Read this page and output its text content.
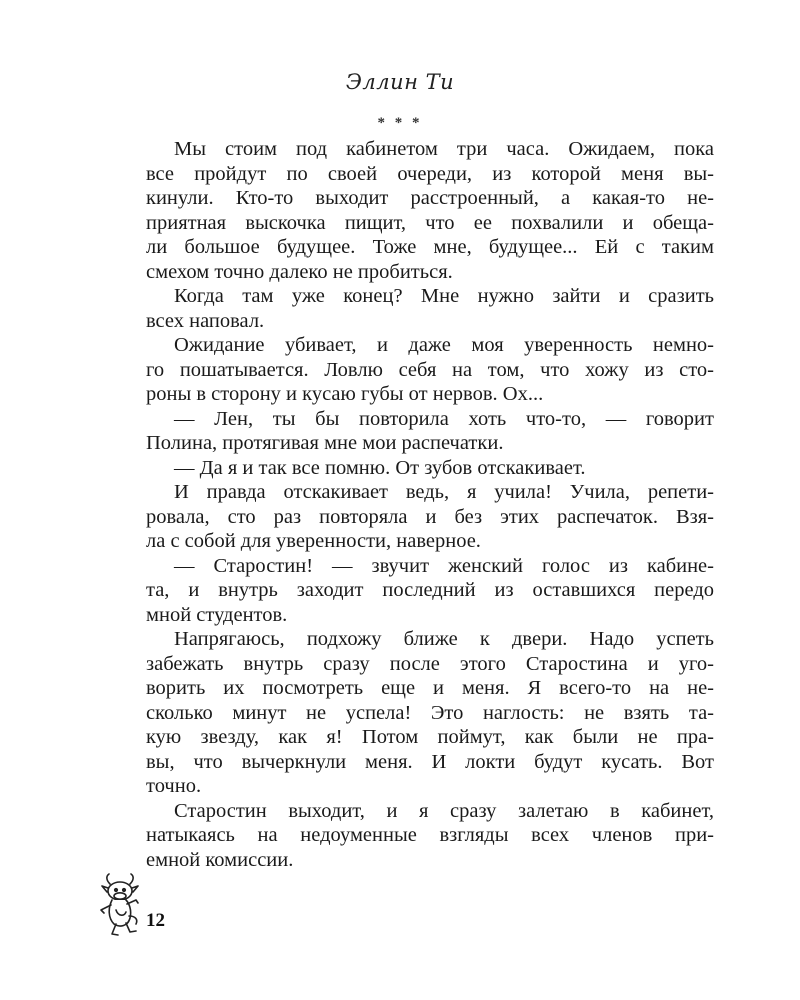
Эллин Ти
* * *
Мы стоим под кабинетом три часа. Ожидаем, пока
все пройдут по своей очереди, из которой меня вы-
кинули. Кто-то выходит расстроенный, а какая-то не-
приятная выскочка пищит, что ее похвалили и обеща-
ли большое будущее. Тоже мне, будущее... Ей с таким
смехом точно далеко не пробиться.
Когда там уже конец? Мне нужно зайти и сразить
всех наповал.
Ожидание убивает, и даже моя уверенность немно-
го пошатывается. Ловлю себя на том, что хожу из сто-
роны в сторону и кусаю губы от нервов. Ох...
— Лен, ты бы повторила хоть что-то, — говорит
Полина, протягивая мне мои распечатки.
— Да я и так все помню. От зубов отскакивает.
И правда отскакивает ведь, я учила! Учила, репети-
ровала, сто раз повторяла и без этих распечаток. Взя-
ла с собой для уверенности, наверное.
— Старостин! — звучит женский голос из кабине-
та, и внутрь заходит последний из оставшихся передо
мной студентов.
Напрягаюсь, подхожу ближе к двери. Надо успеть
забежать внутрь сразу после этого Старостина и уго-
ворить их посмотреть еще и меня. Я всего-то на не-
сколько минут не успела! Это наглость: не взять та-
кую звезду, как я! Потом поймут, как были не пра-
вы, что вычеркнули меня. И локти будут кусать. Вот
точно.
Старостин выходит, и я сразу залетаю в кабинет,
натыкаясь на недоуменные взгляды всех членов при-
емной комиссии.
12
